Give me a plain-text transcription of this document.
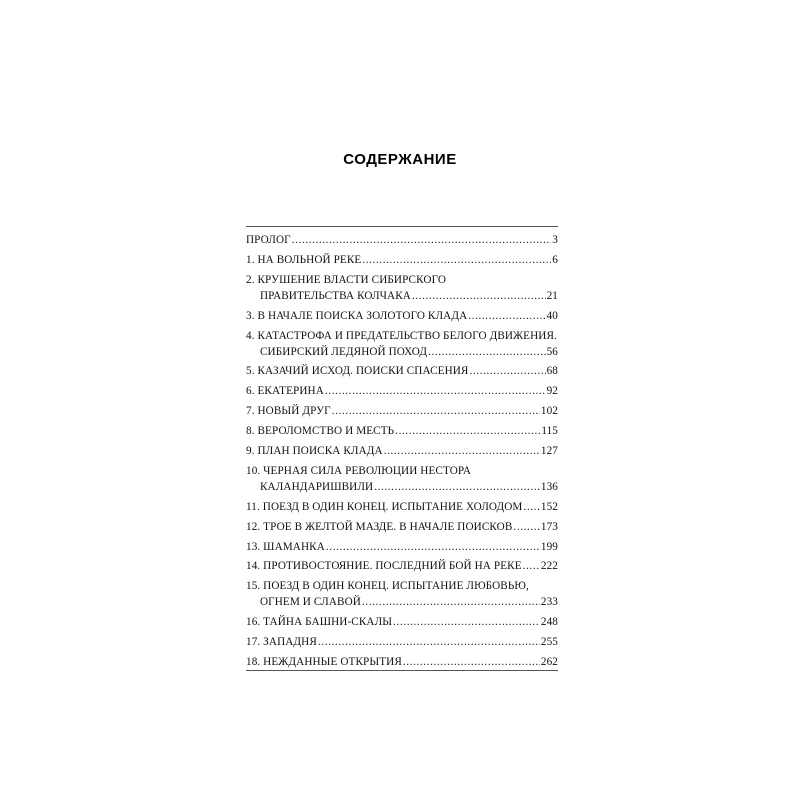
СОДЕРЖАНИЕ
ПРОЛОГ .....	3
1. НА ВОЛЬНОЙ РЕКЕ .....	6
2. КРУШЕНИЕ ВЛАСТИ СИБИРСКОГО
ПРАВИТЕЛЬСТВА КОЛЧАКА .....	21
3. В НАЧАЛЕ ПОИСКА ЗОЛОТОГО КЛАДА .....	40
4. КАТАСТРОФА И ПРЕДАТЕЛЬСТВО БЕЛОГО ДВИЖЕНИЯ.
СИБИРСКИЙ ЛЕДЯНОЙ ПОХОД .....	56
5. КАЗАЧИЙ ИСХОД. ПОИСКИ СПАСЕНИЯ .....	68
6. ЕКАТЕРИНА .....	92
7. НОВЫЙ ДРУГ .....	102
8. ВЕРОЛОМСТВО И МЕСТЬ .....	115
9. ПЛАН ПОИСКА КЛАДА .....	127
10. ЧЕРНАЯ СИЛА РЕВОЛЮЦИИ НЕСТОРА
КАЛАНДАРИШВИЛИ .....	136
11. ПОЕЗД В ОДИН КОНЕЦ. ИСПЫТАНИЕ ХОЛОДОМ ..... 152
12. ТРОЕ В ЖЕЛТОЙ МАЗДЕ. В НАЧАЛЕ ПОИСКОВ .....	173
13. ШАМАНКА .....	199
14. ПРОТИВОСТОЯНИЕ. ПОСЛЕДНИЙ БОЙ НА РЕКЕ ..... 222
15. ПОЕЗД В ОДИН КОНЕЦ. ИСПЫТАНИЕ ЛЮБОВЬЮ,
ОГНЕМ И СЛАВОЙ .....	233
16. ТАЙНА БАШНИ-СКАЛЫ .....	248
17. ЗАПАДНЯ .....	255
18. НЕЖДАННЫЕ ОТКРЫТИЯ .....	262
